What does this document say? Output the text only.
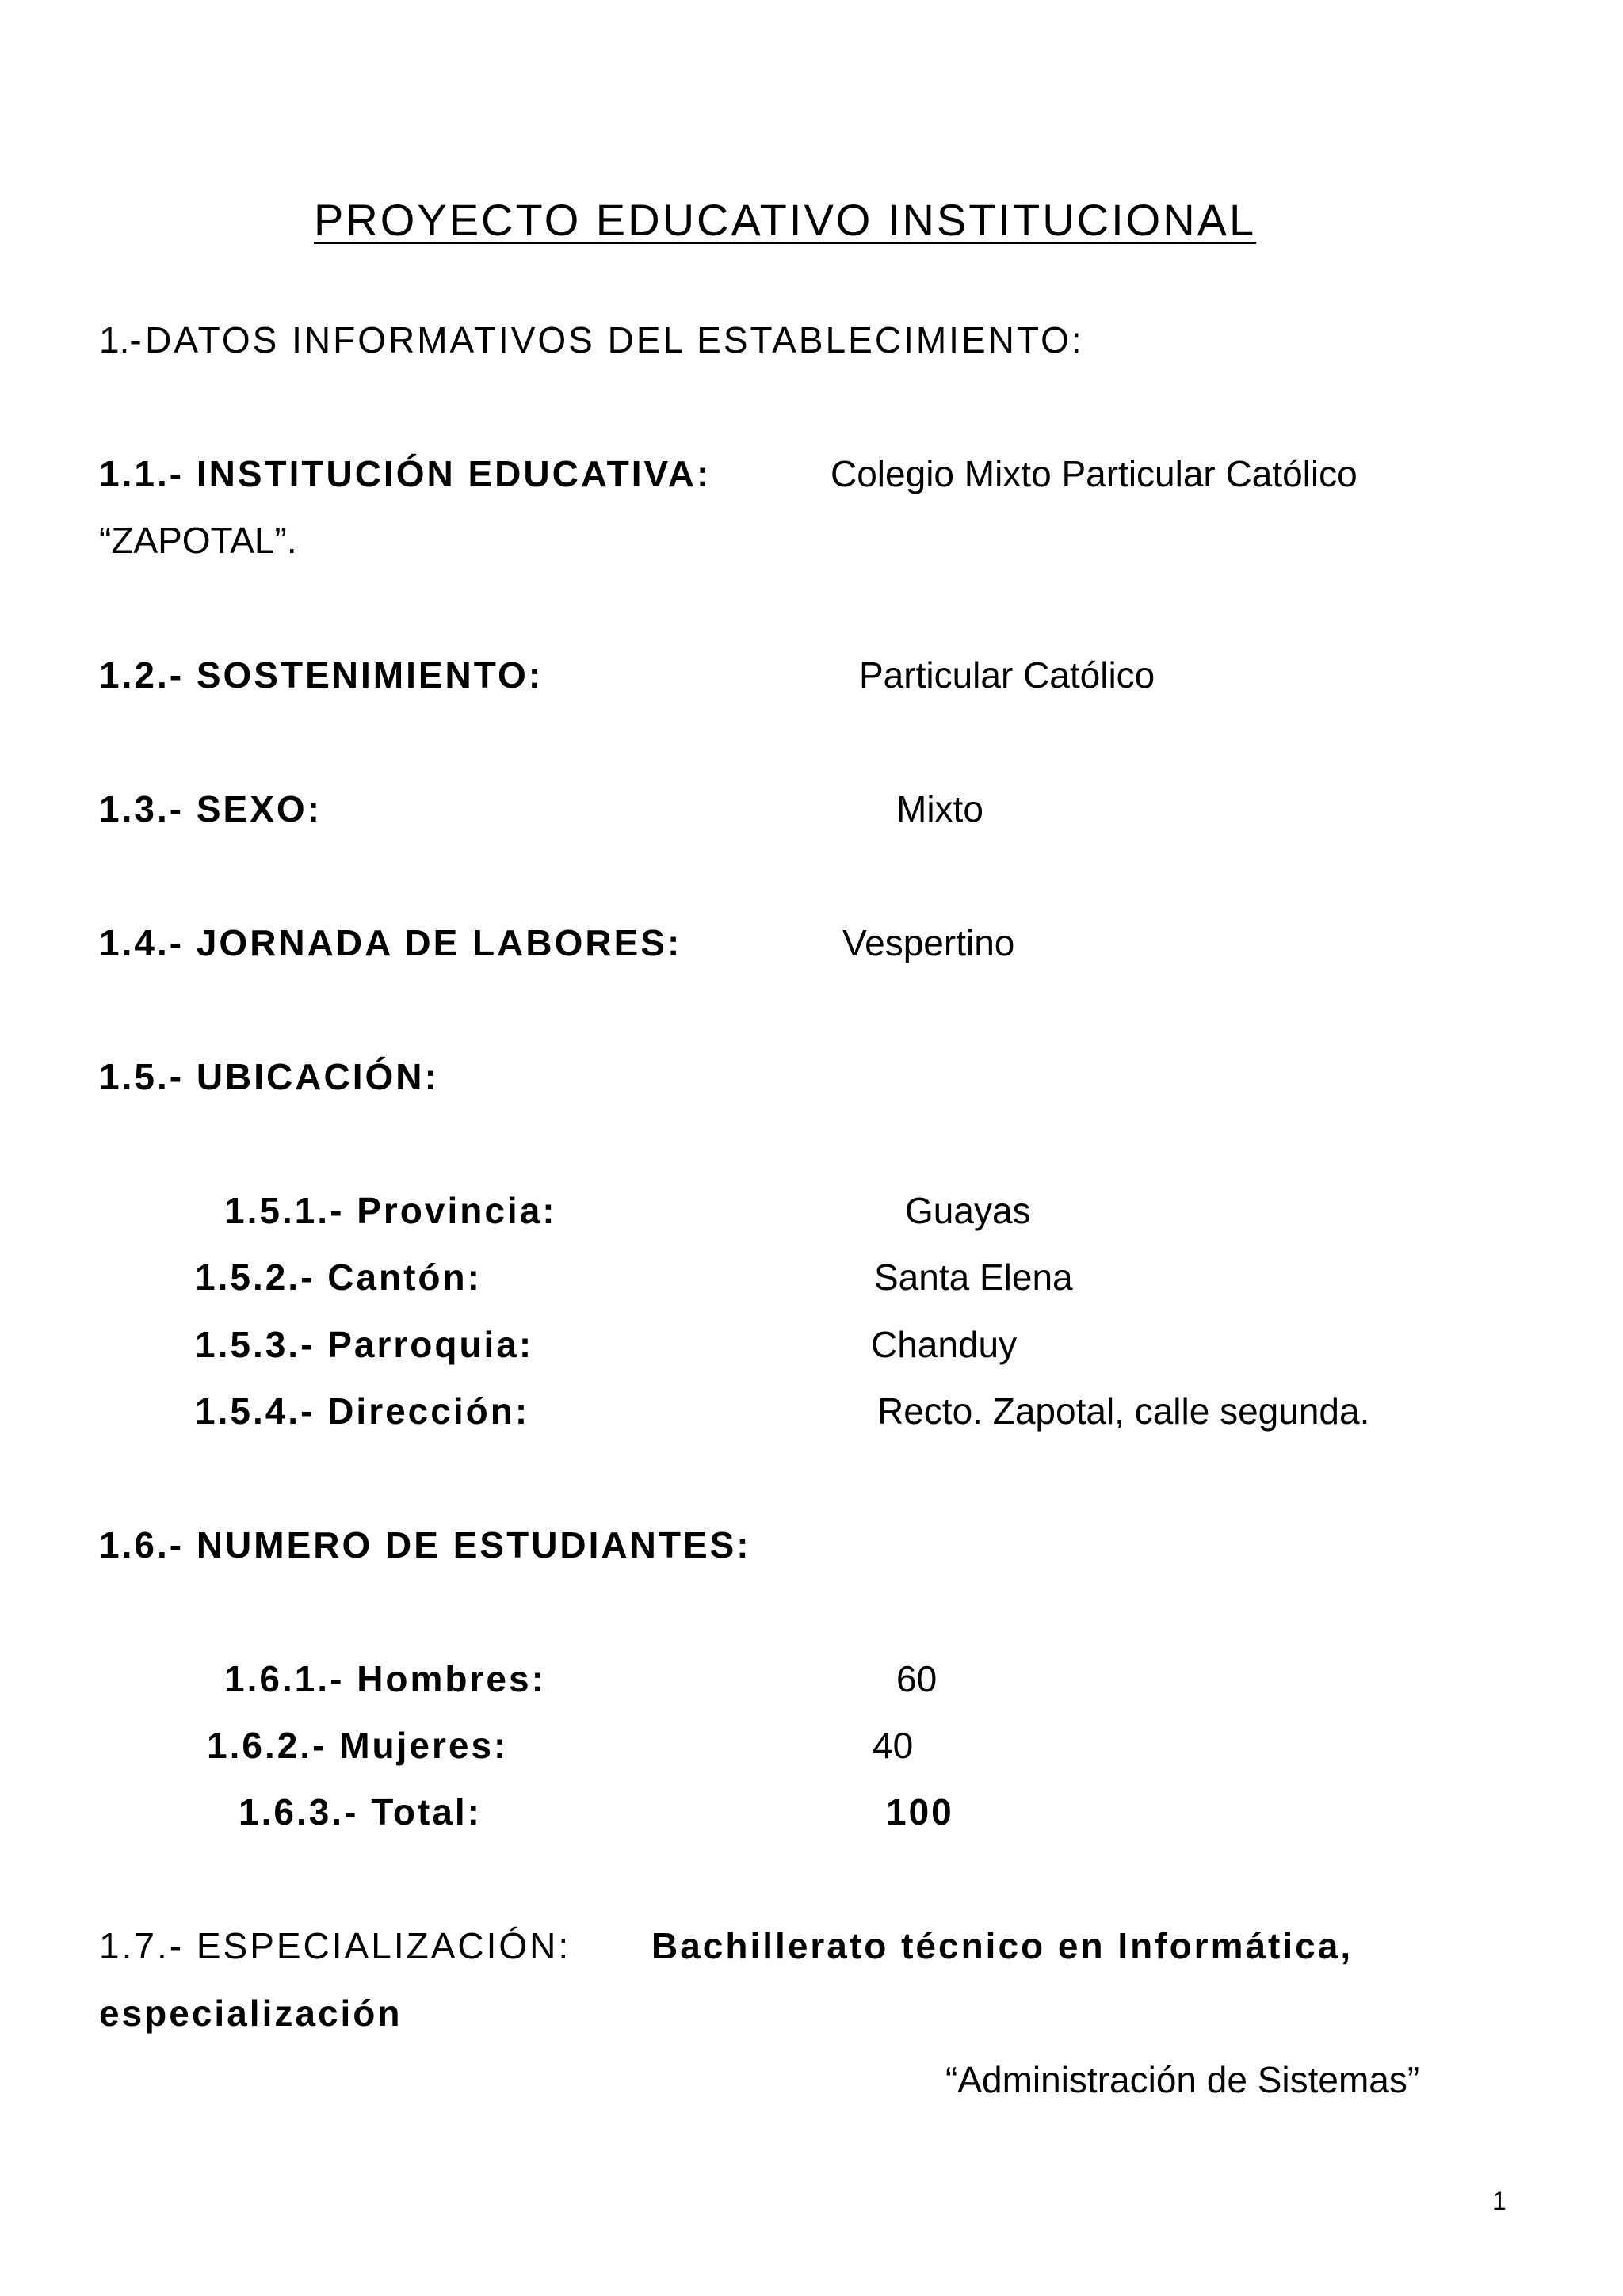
PROYECTO EDUCATIVO INSTITUCIONAL
1.- DATOS INFORMATIVOS DEL ESTABLECIMIENTO:
1.1.- INSTITUCIÓN EDUCATIVA:	Colegio Mixto Particular Católico
“ZAPOTAL”.
1.2.- SOSTENIMIENTO:	Particular Católico
1.3.- SEXO:	Mixto
1.4.- JORNADA DE LABORES:	Vespertino
1.5.- UBICACIÓN:
1.5.1.- Provincia:	Guayas
1.5.2.- Cantón:	Santa Elena
1.5.3.- Parroquia:	Chanduy
1.5.4.- Dirección:	Recto. Zapotal, calle segunda.
1.6.- NUMERO DE ESTUDIANTES:
1.6.1.- Hombres:	60
1.6.2.- Mujeres:	40
1.6.3.- Total:	100
1.7.- ESPECIALIZACIÓN: Bachillerato técnico en Informática,
especialización
“Administración de Sistemas”
1
